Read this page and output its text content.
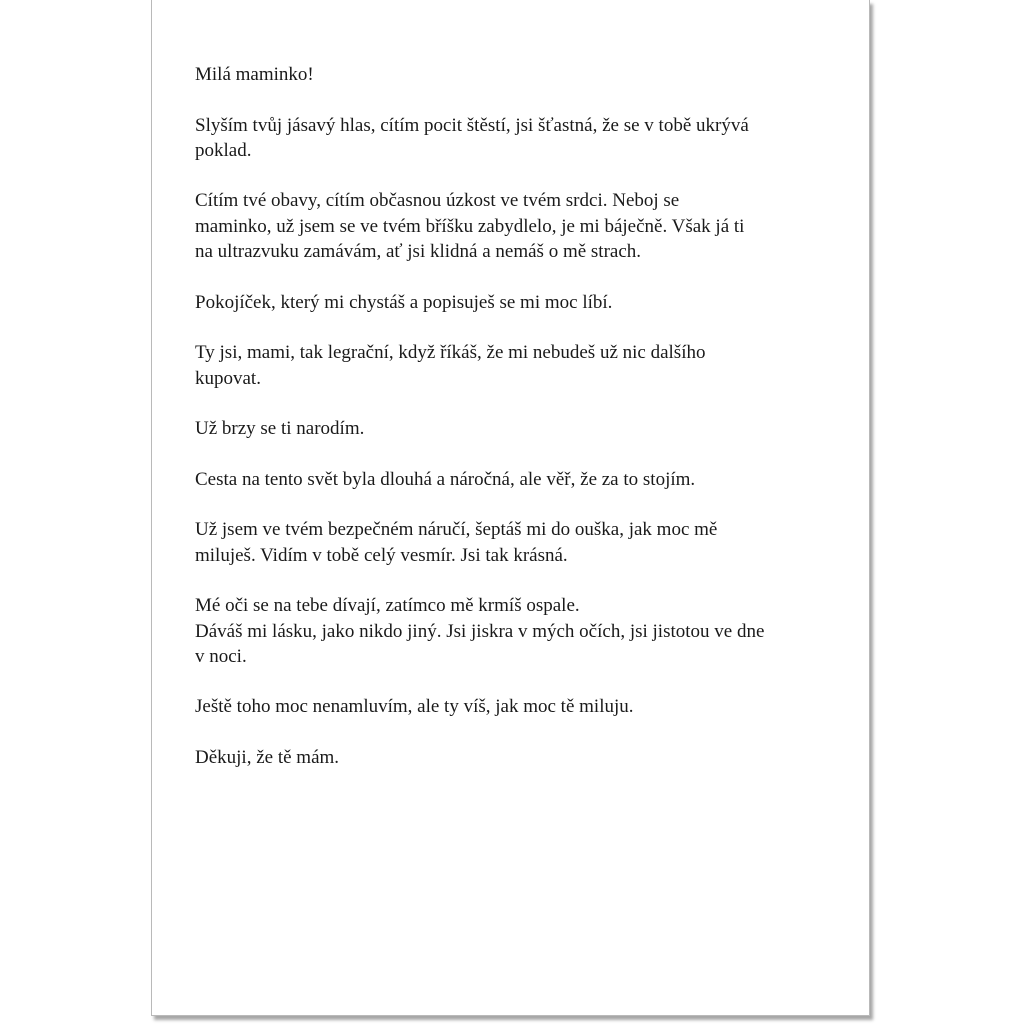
Milá maminko!

Slyším tvůj jásavý hlas, cítím pocit štěstí, jsi šťastná, že se v tobě ukrývá
poklad.

Cítím tvé obavy, cítím občasnou úzkost ve tvém srdci. Neboj se
maminko, už jsem se ve tvém bříšku zabydlelo, je mi báječně. Však já ti
na ultrazvuku zamávám, ať jsi klidná a nemáš o mě strach.

Pokojíček, který mi chystáš a popisuješ se mi moc líbí.

Ty jsi, mami, tak legrační, když říkáš, že mi nebudeš už nic dalšího
kupovat.

Už brzy se ti narodím.

Cesta na tento svět byla dlouhá a náročná, ale věř, že za to stojím.

Už jsem ve tvém bezpečném náručí, šeptáš mi do ouška, jak moc mě
miluješ. Vidím v tobě celý vesmír. Jsi tak krásná.

Mé oči se na tebe dívají, zatímco mě krmíš ospale.
Dáváš mi lásku, jako nikdo jiný. Jsi jiskra v mých očích, jsi jistotou ve dne
v noci.

Ještě toho moc nenamluvím, ale ty víš, jak moc tě miluju.

Děkuji, že tě mám.
